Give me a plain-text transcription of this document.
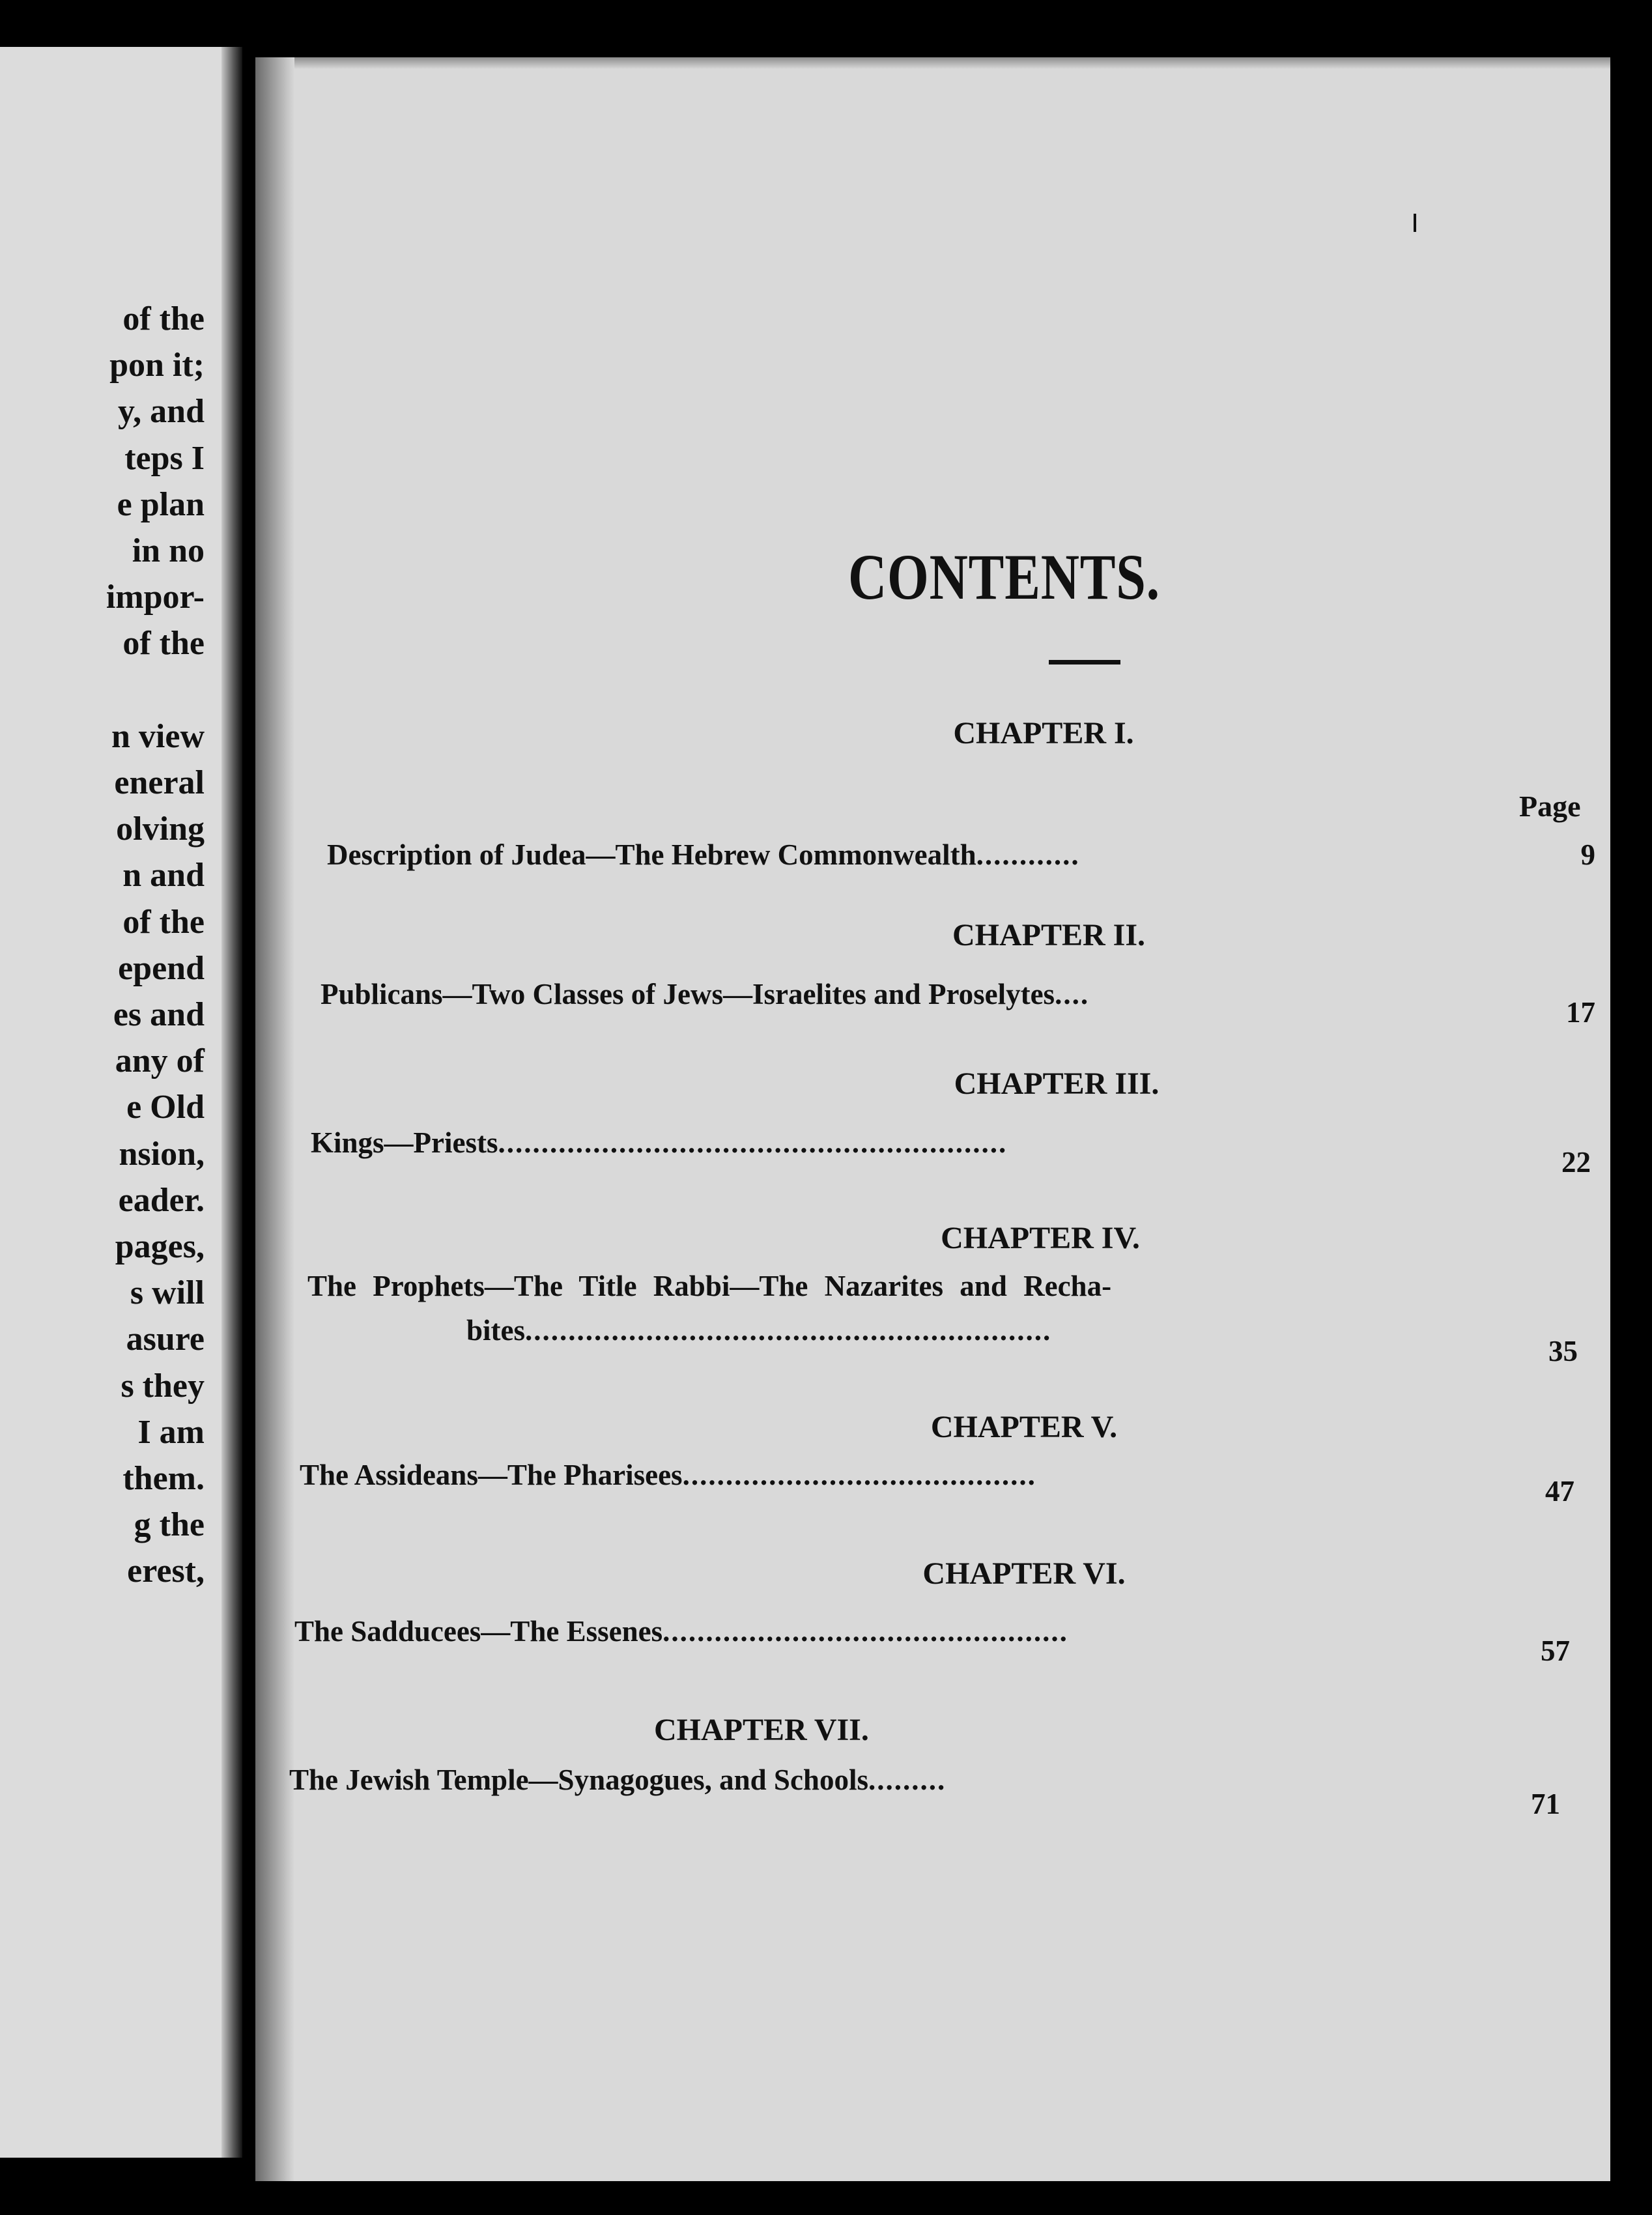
of the
pon it;
y, and
teps I
e plan
in no
impor-
of the

n view
eneral
olving
n and
of the
epend
es and
any of
e Old
nsion,
eader.
pages,
s will
asure
s they
I am
them.
g the
erest,
CONTENTS.
Page
CHAPTER I.
Description of Judea—The Hebrew Commonwealth............	9
CHAPTER II.
Publicans—Two Classes of Jews—Israelites and Proselytes....
17
CHAPTER III.
Kings—Priests...........................................................
22
CHAPTER IV.
The Prophets—The Title Rabbi—The Nazarites and Recha-
bites.............................................................
35
CHAPTER V.
The Assideans—The Pharisees.........................................	47
CHAPTER VI.
The Sadducees—The Essenes...............................................
57
CHAPTER VII.
The Jewish Temple—Synagogues, and Schools.........
71
